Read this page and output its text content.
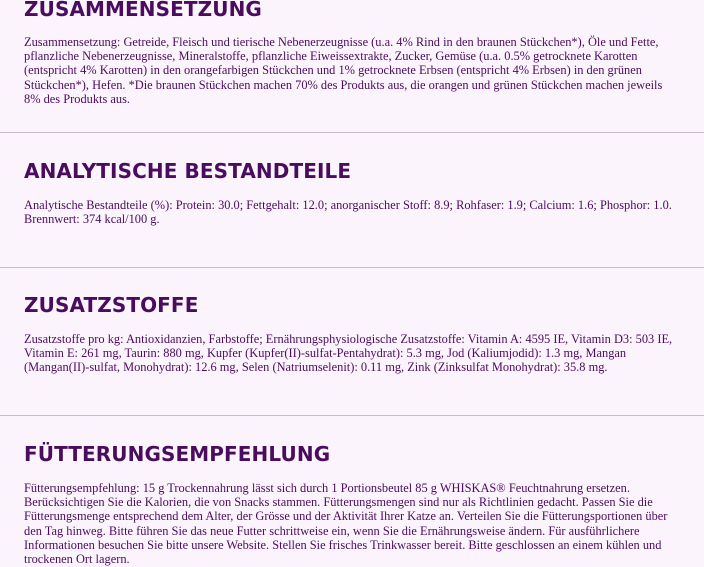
ZUSAMMENSETZUNG

Zusammensetzung: Getreide, Fleisch und tierische Nebenerzeugnisse (u.a. 4% Rind in den braunen Stückchen*), Öle und Fette, pflanzliche Nebenerzeugnisse, Mineralstoffe, pflanzliche Eiweissextrakte, Zucker, Gemüse (u.a. 0.5% getrocknete Karotten (entspricht 4% Karotten) in den orangefarbigen Stückchen und 1% getrocknete Erbsen (entspricht 4% Erbsen) in den grünen Stückchen*), Hefen. *Die braunen Stückchen machen 70% des Produkts aus, die orangen und grünen Stückchen machen jeweils 8% des Produkts aus.

ANALYTISCHE BESTANDTEILE

Analytische Bestandteile (%): Protein: 30.0; Fettgehalt: 12.0; anorganischer Stoff: 8.9; Rohfaser: 1.9; Calcium: 1.6; Phosphor: 1.0. Brennwert: 374 kcal/100 g.

ZUSATZSTOFFE

Zusatzstoffe pro kg: Antioxidanzien, Farbstoffe; Ernährungsphysiologische Zusatzstoffe: Vitamin A: 4595 IE, Vitamin D3: 503 IE, Vitamin E: 261 mg, Taurin: 880 mg, Kupfer (Kupfer(II)-sulfat-Pentahydrat): 5.3 mg, Jod (Kaliumjodid): 1.3 mg, Mangan (Mangan(II)-sulfat, Monohydrat): 12.6 mg, Selen (Natriumselenit): 0.11 mg, Zink (Zinksulfat Monohydrat): 35.8 mg.

FÜTTERUNGSEMPFEHLUNG

Fütterungsempfehlung: 15 g Trockennahrung lässt sich durch 1 Portionsbeutel 85 g WHISKAS® Feuchtnahrung ersetzen. Berücksichtigen Sie die Kalorien, die von Snacks stammen. Fütterungsmengen sind nur als Richtlinien gedacht. Passen Sie die Fütterungsmenge entsprechend dem Alter, der Grösse und der Aktivität Ihrer Katze an. Verteilen Sie die Fütterungsportionen über den Tag hinweg. Bitte führen Sie das neue Futter schrittweise ein, wenn Sie die Ernährungsweise ändern. Für ausführlichere Informationen besuchen Sie bitte unsere Website. Stellen Sie frisches Trinkwasser bereit. Bitte geschlossen an einem kühlen und trockenen Ort lagern.
